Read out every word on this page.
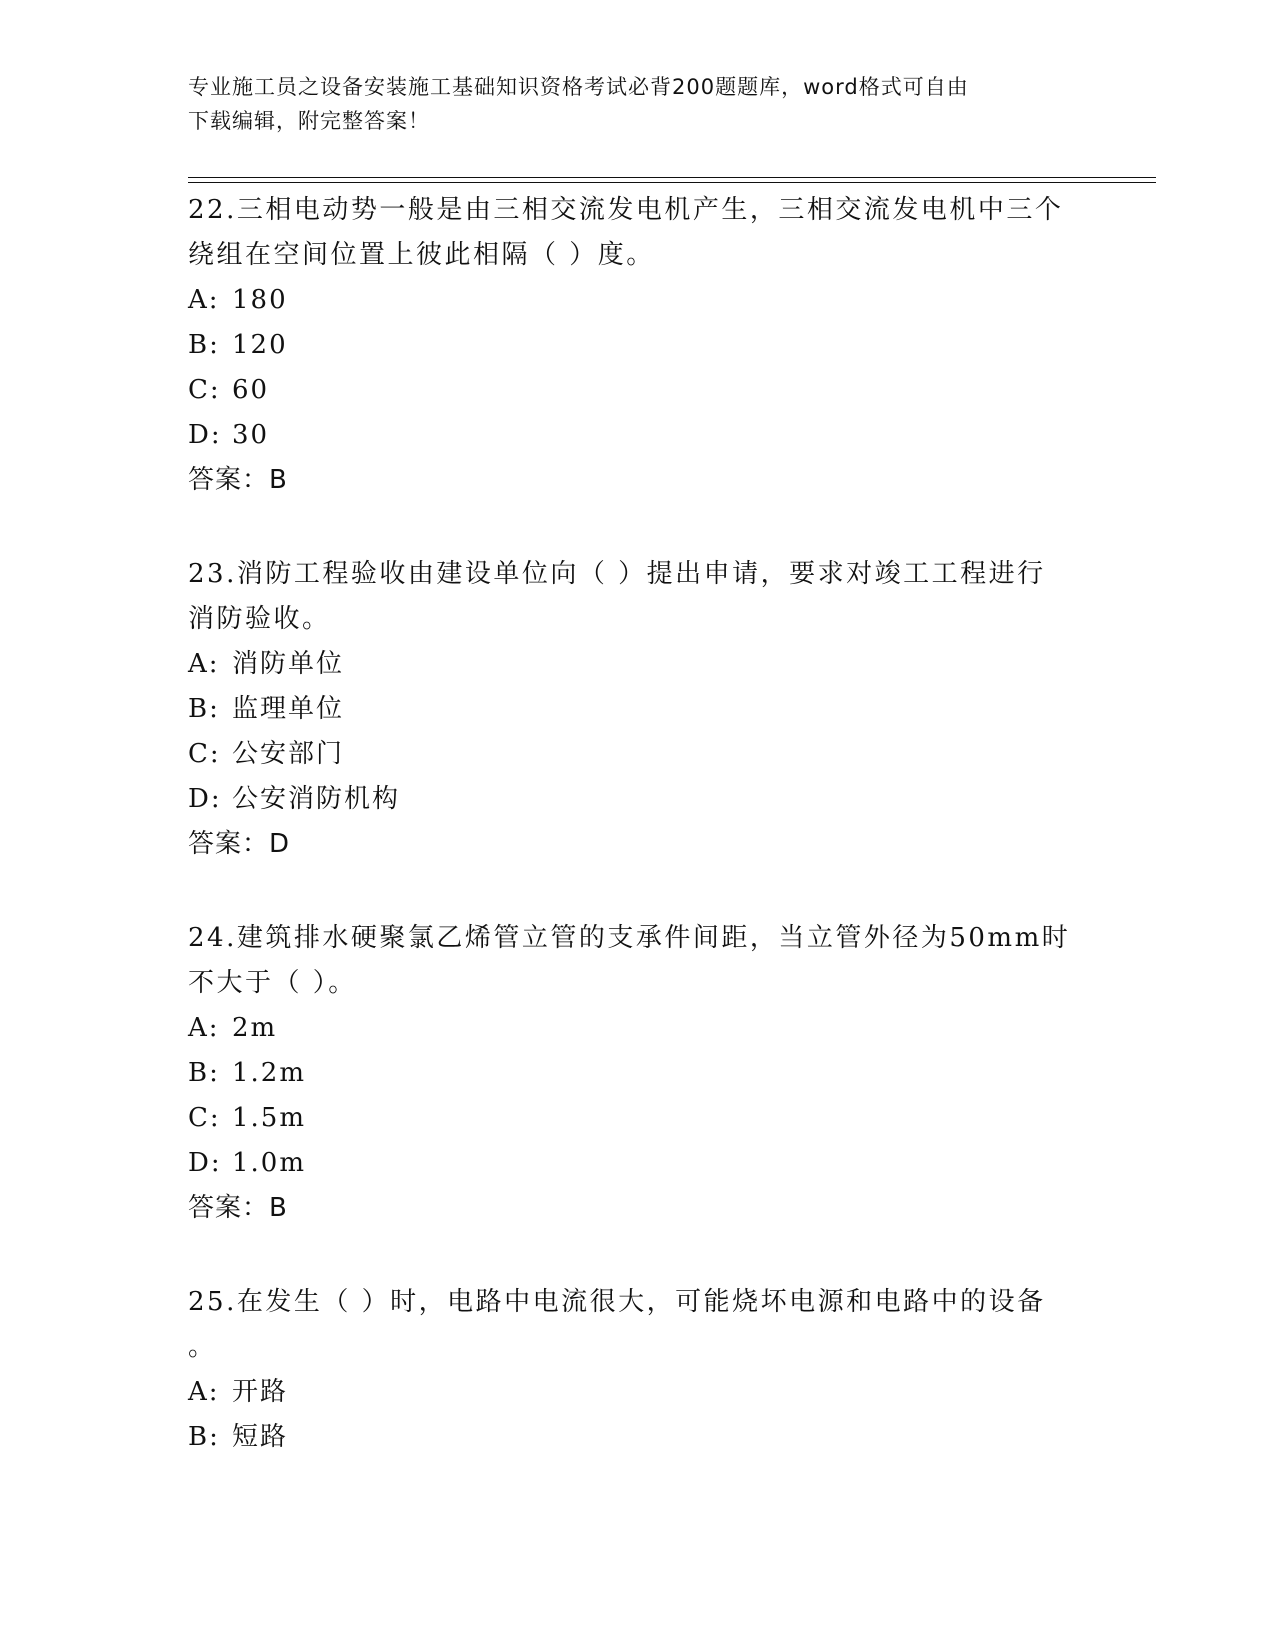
专业施工员之设备安装施工基础知识资格考试必背200题题库，word格式可自由
下载编辑，附完整答案！

22.三相电动势一般是由三相交流发电机产生，三相交流发电机中三个
绕组在空间位置上彼此相隔（ ）度。

A: 180

B: 120

C: 60

D: 30

答案：B

23.消防工程验收由建设单位向（ ）提出申请，要求对竣工工程进行
消防验收。

A: 消防单位

B: 监理单位

C: 公安部门

D: 公安消防机构

答案：D

24.建筑排水硬聚氯乙烯管立管的支承件间距，当立管外径为50mm时
不大于（ ）。

A: 2m

B: 1.2m

C: 1.5m

D: 1.0m

答案：B

25.在发生（ ）时，电路中电流很大，可能烧坏电源和电路中的设备
。

A: 开路

B: 短路
